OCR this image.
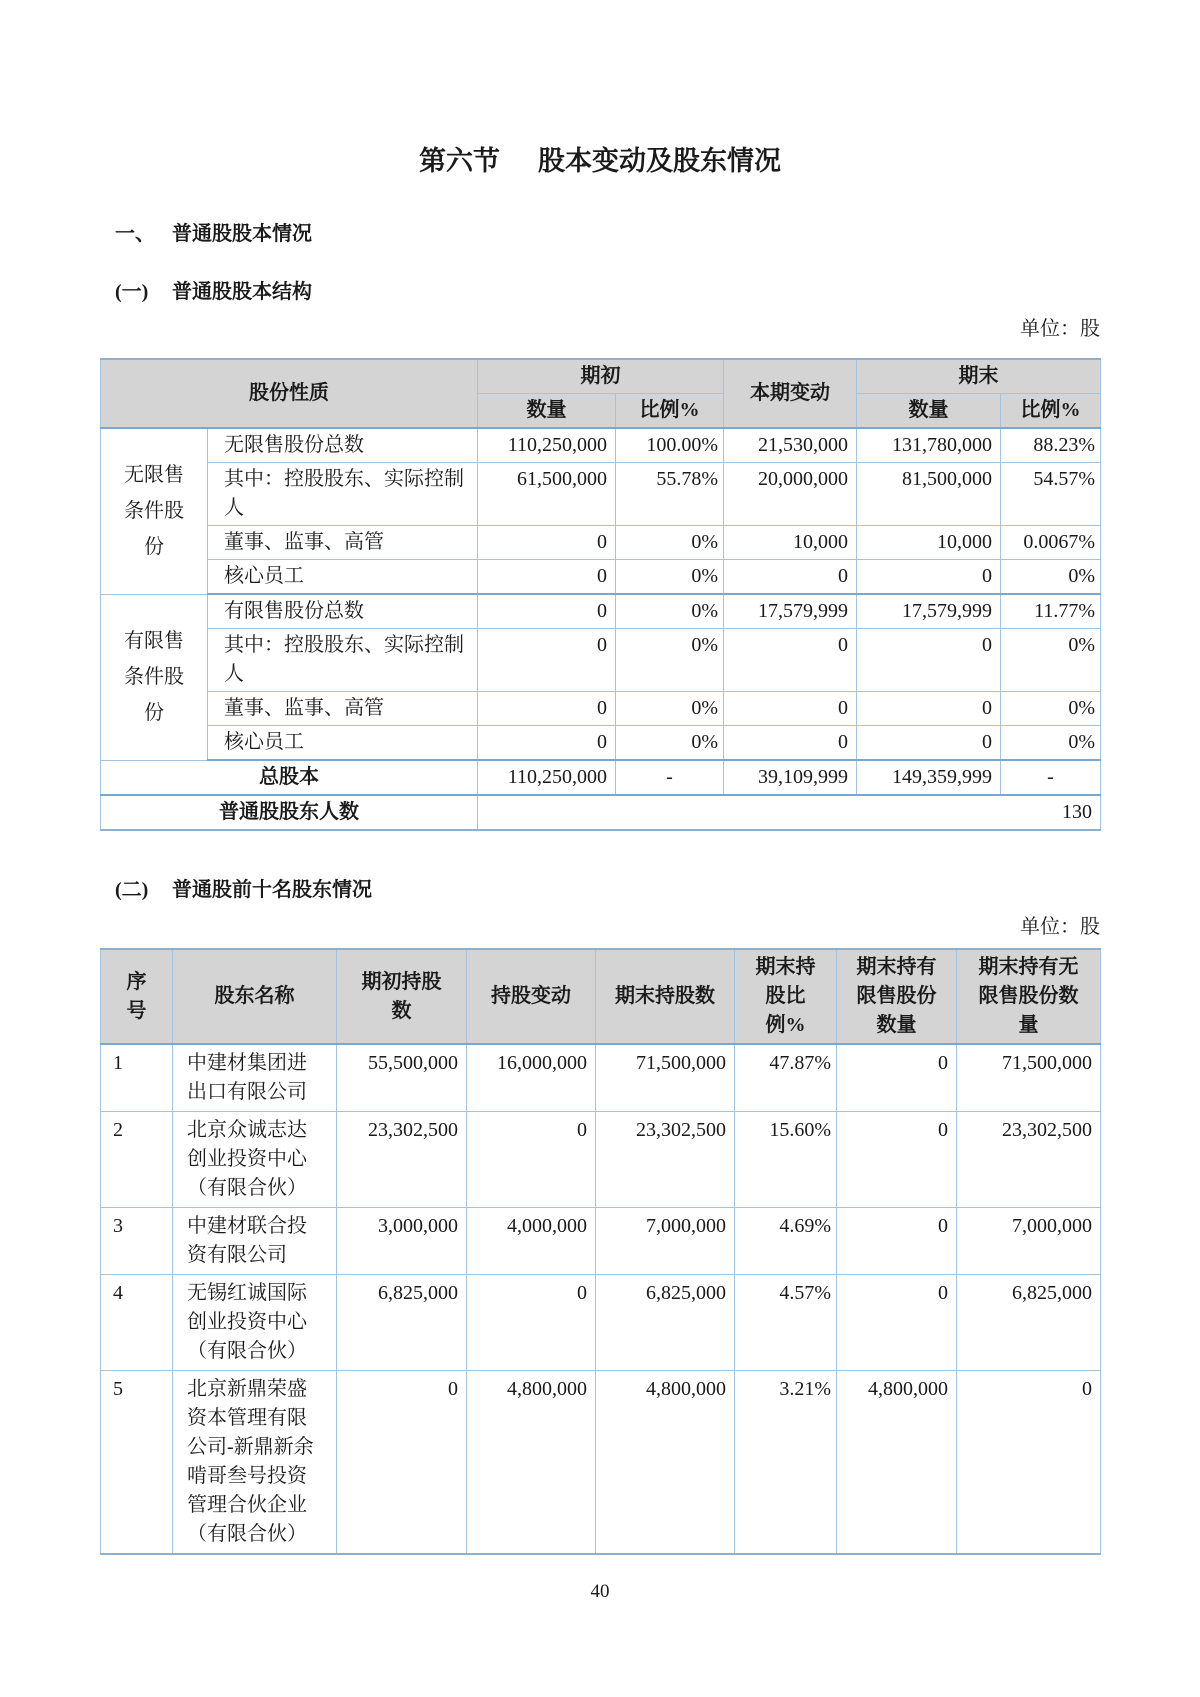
第六节 股本变动及股东情况
一、 普通股股本情况
(一) 普通股股本结构
单位：股
股份性质		期初		本期变动	期末	
		数量	比例%		数量	比例%
无限售条件股份	无限售股份总数	110,250,000	100.00%	21,530,000	131,780,000	88.23%
	其中：控股股东、实际控制人	61,500,000	55.78%	20,000,000	81,500,000	54.57%
	董事、监事、高管	0	0%	10,000	10,000	0.0067%
	核心员工	0	0%	0	0	0%
有限售条件股份	有限售股份总数	0	0%	17,579,999	17,579,999	11.77%
	其中：控股股东、实际控制人	0	0%	0	0	0%
	董事、监事、高管	0	0%	0	0	0%
	核心员工	0	0%	0	0	0%
总股本		110,250,000	-	39,109,999	149,359,999	-
普通股股东人数		130				
(二) 普通股前十名股东情况
单位：股
序号	股东名称	期初持股数	持股变动	期末持股数	期末持股比例%	期末持有限售股份数量	期末持有无限售股份数量
1	中建材集团进出口有限公司	55,500,000	16,000,000	71,500,000	47.87%	0	71,500,000
2	北京众诚志达创业投资中心（有限合伙）	23,302,500	0	23,302,500	15.60%	0	23,302,500
3	中建材联合投资有限公司	3,000,000	4,000,000	7,000,000	4.69%	0	7,000,000
4	无锡红诚国际创业投资中心（有限合伙）	6,825,000	0	6,825,000	4.57%	0	6,825,000
5	北京新鼎荣盛资本管理有限公司-新鼎新余啃哥叁号投资管理合伙企业（有限合伙）	0	4,800,000	4,800,000	3.21%	4,800,000	0
40
